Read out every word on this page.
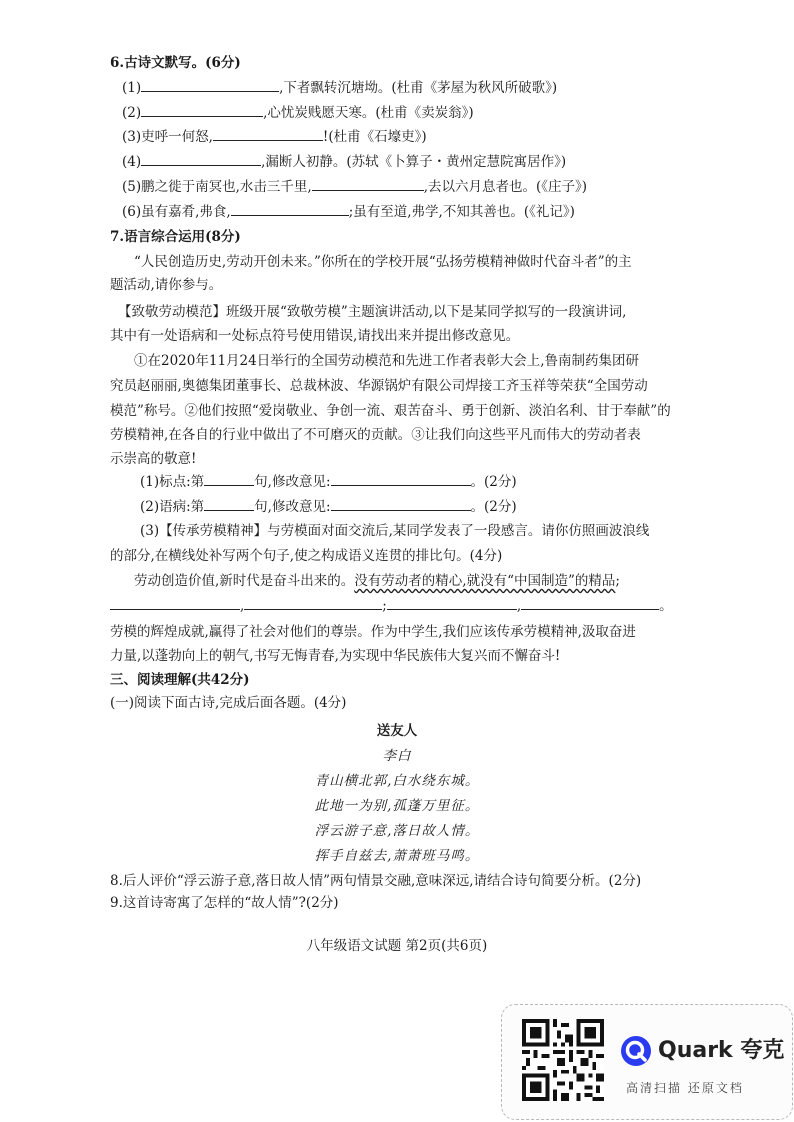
6.古诗文默写。(6分)
(1)	,下者飘转沉塘坳。(杜甫《茅屋为秋风所破歌》)
(2)	,心忧炭贱愿天寒。(杜甫《卖炭翁》)
(3)吏呼一何怒,	!(杜甫《石壕吏》)
(4)	,漏断人初静。(苏轼《卜算子・黄州定慧院寓居作》)
(5)鹏之徙于南冥也,水击三千里,	,去以六月息者也。(《庄子》)
(6)虽有嘉肴,弗食,	;虽有至道,弗学,不知其善也。(《礼记》)
7.语言综合运用(8分)
“人民创造历史,劳动开创未来。”你所在的学校开展“弘扬劳模精神做时代奋斗者”的主
题活动,请你参与。
【致敬劳动模范】班级开展“致敬劳模”主题演讲活动,以下是某同学拟写的一段演讲词,
其中有一处语病和一处标点符号使用错误,请找出来并提出修改意见。
①在2020年11月24日举行的全国劳动模范和先进工作者表彰大会上,鲁南制药集团研
究员赵丽丽,奥德集团董事长、总裁林波、华源锅炉有限公司焊接工齐玉祥等荣获“全国劳动
模范”称号。②他们按照“爱岗敬业、争创一流、艰苦奋斗、勇于创新、淡泊名利、甘于奉献”的
劳模精神,在各自的行业中做出了不可磨灭的贡献。③让我们向这些平凡而伟大的劳动者表
示崇高的敬意!
(1)标点:第	句,修改意见:	。(2分)
(2)语病:第	句,修改意见:	。(2分)
(3)【传承劳模精神】与劳模面对面交流后,某同学发表了一段感言。请你仿照画波浪线
的部分,在横线处补写两个句子,使之构成语义连贯的排比句。(4分)
劳动创造价值,新时代是奋斗出来的。没有劳动者的精心,就没有“中国制造”的精品;
,	;	,	。
劳模的辉煌成就,赢得了社会对他们的尊崇。作为中学生,我们应该传承劳模精神,汲取奋进
力量,以蓬勃向上的朝气,书写无悔青春,为实现中华民族伟大复兴而不懈奋斗!
三、阅读理解(共42分)
(一)阅读下面古诗,完成后面各题。(4分)
送友人
李白
青山横北郭,白水绕东城。
此地一为别,孤蓬万里征。
浮云游子意,落日故人情。
挥手自兹去,萧萧班马鸣。
8.后人评价“浮云游子意,落日故人情”两句情景交融,意味深远,请结合诗句简要分析。(2分)
9.这首诗寄寓了怎样的“故人情”?(2分)
八年级语文试题 第2页(共6页)
Quark 夸克
高清扫描 还原文档
